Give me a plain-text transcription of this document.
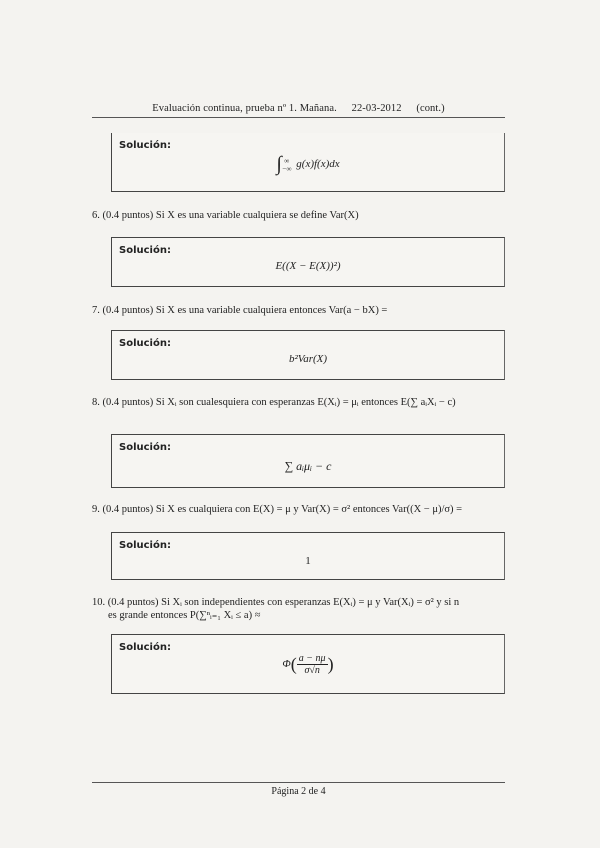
Evaluación continua, prueba nº 1. Mañana. 22-03-2012 (cont.)
Solución:
∫ ∞
−∞ g(x)f(x)dx
6. (0.4 puntos) Si X es una variable cualquiera se define Var(X)
Solución:
E((X − E(X))²)
7. (0.4 puntos) Si X es una variable cualquiera entonces Var(a − bX) =
Solución:
b²Var(X)
8. (0.4 puntos) Si Xᵢ son cualesquiera con esperanzas E(Xᵢ) = μᵢ entonces E(∑ aᵢXᵢ − c)
Solución:
∑ aᵢμᵢ − c
9. (0.4 puntos) Si X es cualquiera con E(X) = μ y Var(X) = σ² entonces Var((X − μ)/σ) =
Solución:
1
10. (0.4 puntos) Si Xᵢ son independientes con esperanzas E(Xᵢ) = μ y Var(Xᵢ) = σ² y si n
es grande entonces P(∑ⁿᵢ₌₁ Xᵢ ≤ a) ≈
Solución:
$\Phi( \frac{a - n\mu}{\sigma√n}$ )
Página 2 de 4
